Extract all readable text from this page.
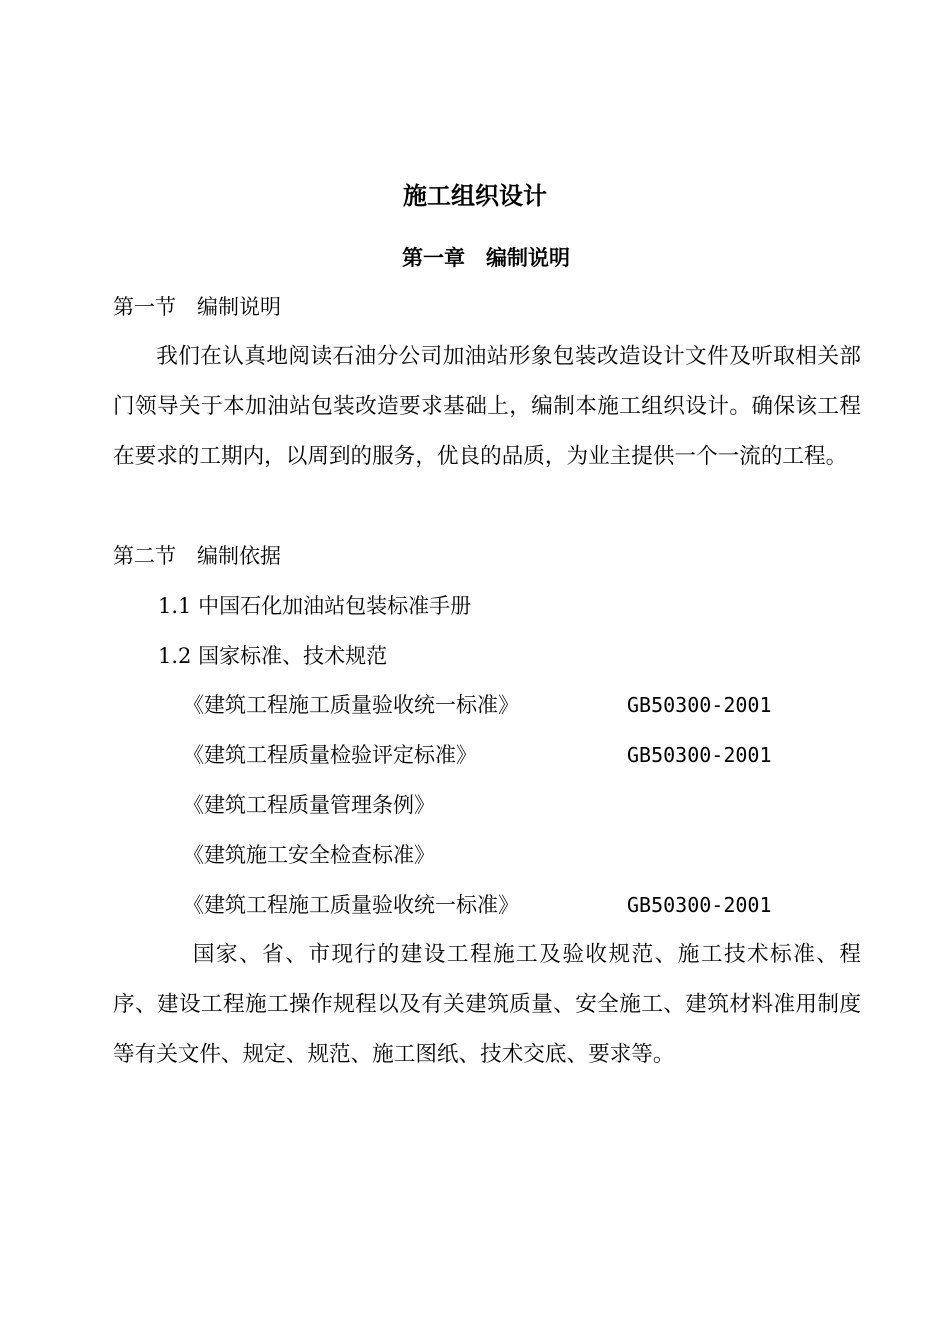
施工组织设计
第一章　编制说明
第一节　编制说明
我们在认真地阅读石油分公司加油站形象包装改造设计文件及听取相关部门领导关于本加油站包装改造要求基础上，编制本施工组织设计。确保该工程在要求的工期内，以周到的服务，优良的品质，为业主提供一个一流的工程。
第二节　编制依据
1.1 中国石化加油站包装标准手册
1.2 国家标准、技术规范
《建筑工程施工质量验收统一标准》	GB50300-2001
《建筑工程质量检验评定标准》	GB50300-2001
《建筑工程质量管理条例》
《建筑施工安全检查标准》
《建筑工程施工质量验收统一标准》	GB50300-2001
国家、省、市现行的建设工程施工及验收规范、施工技术标准、程序、建设工程施工操作规程以及有关建筑质量、安全施工、建筑材料准用制度等有关文件、规定、规范、施工图纸、技术交底、要求等。
